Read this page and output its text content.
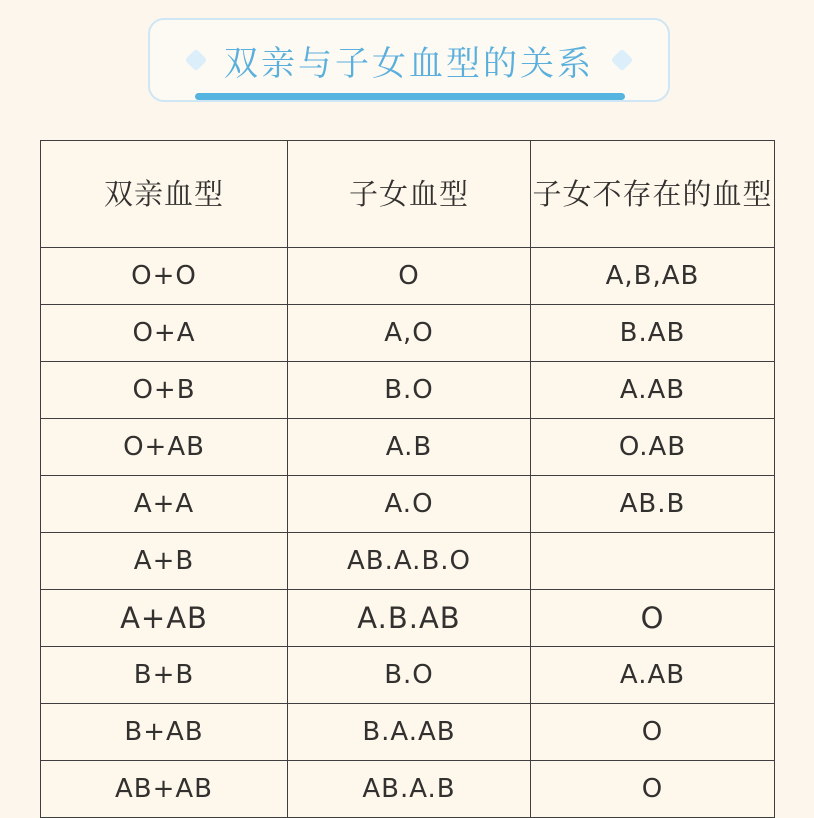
双亲与子女血型的关系
双亲血型	子女血型	子女不存在的血型
O+O	O	A,B,AB
O+A	A,O	B.AB
O+B	B.O	A.AB
O+AB	A.B	O.AB
A+A	A.O	AB.B
A+B	AB.A.B.O	
A+AB	A.B.AB	O
B+B	B.O	A.AB
B+AB	B.A.AB	O
AB+AB	AB.A.B	O
